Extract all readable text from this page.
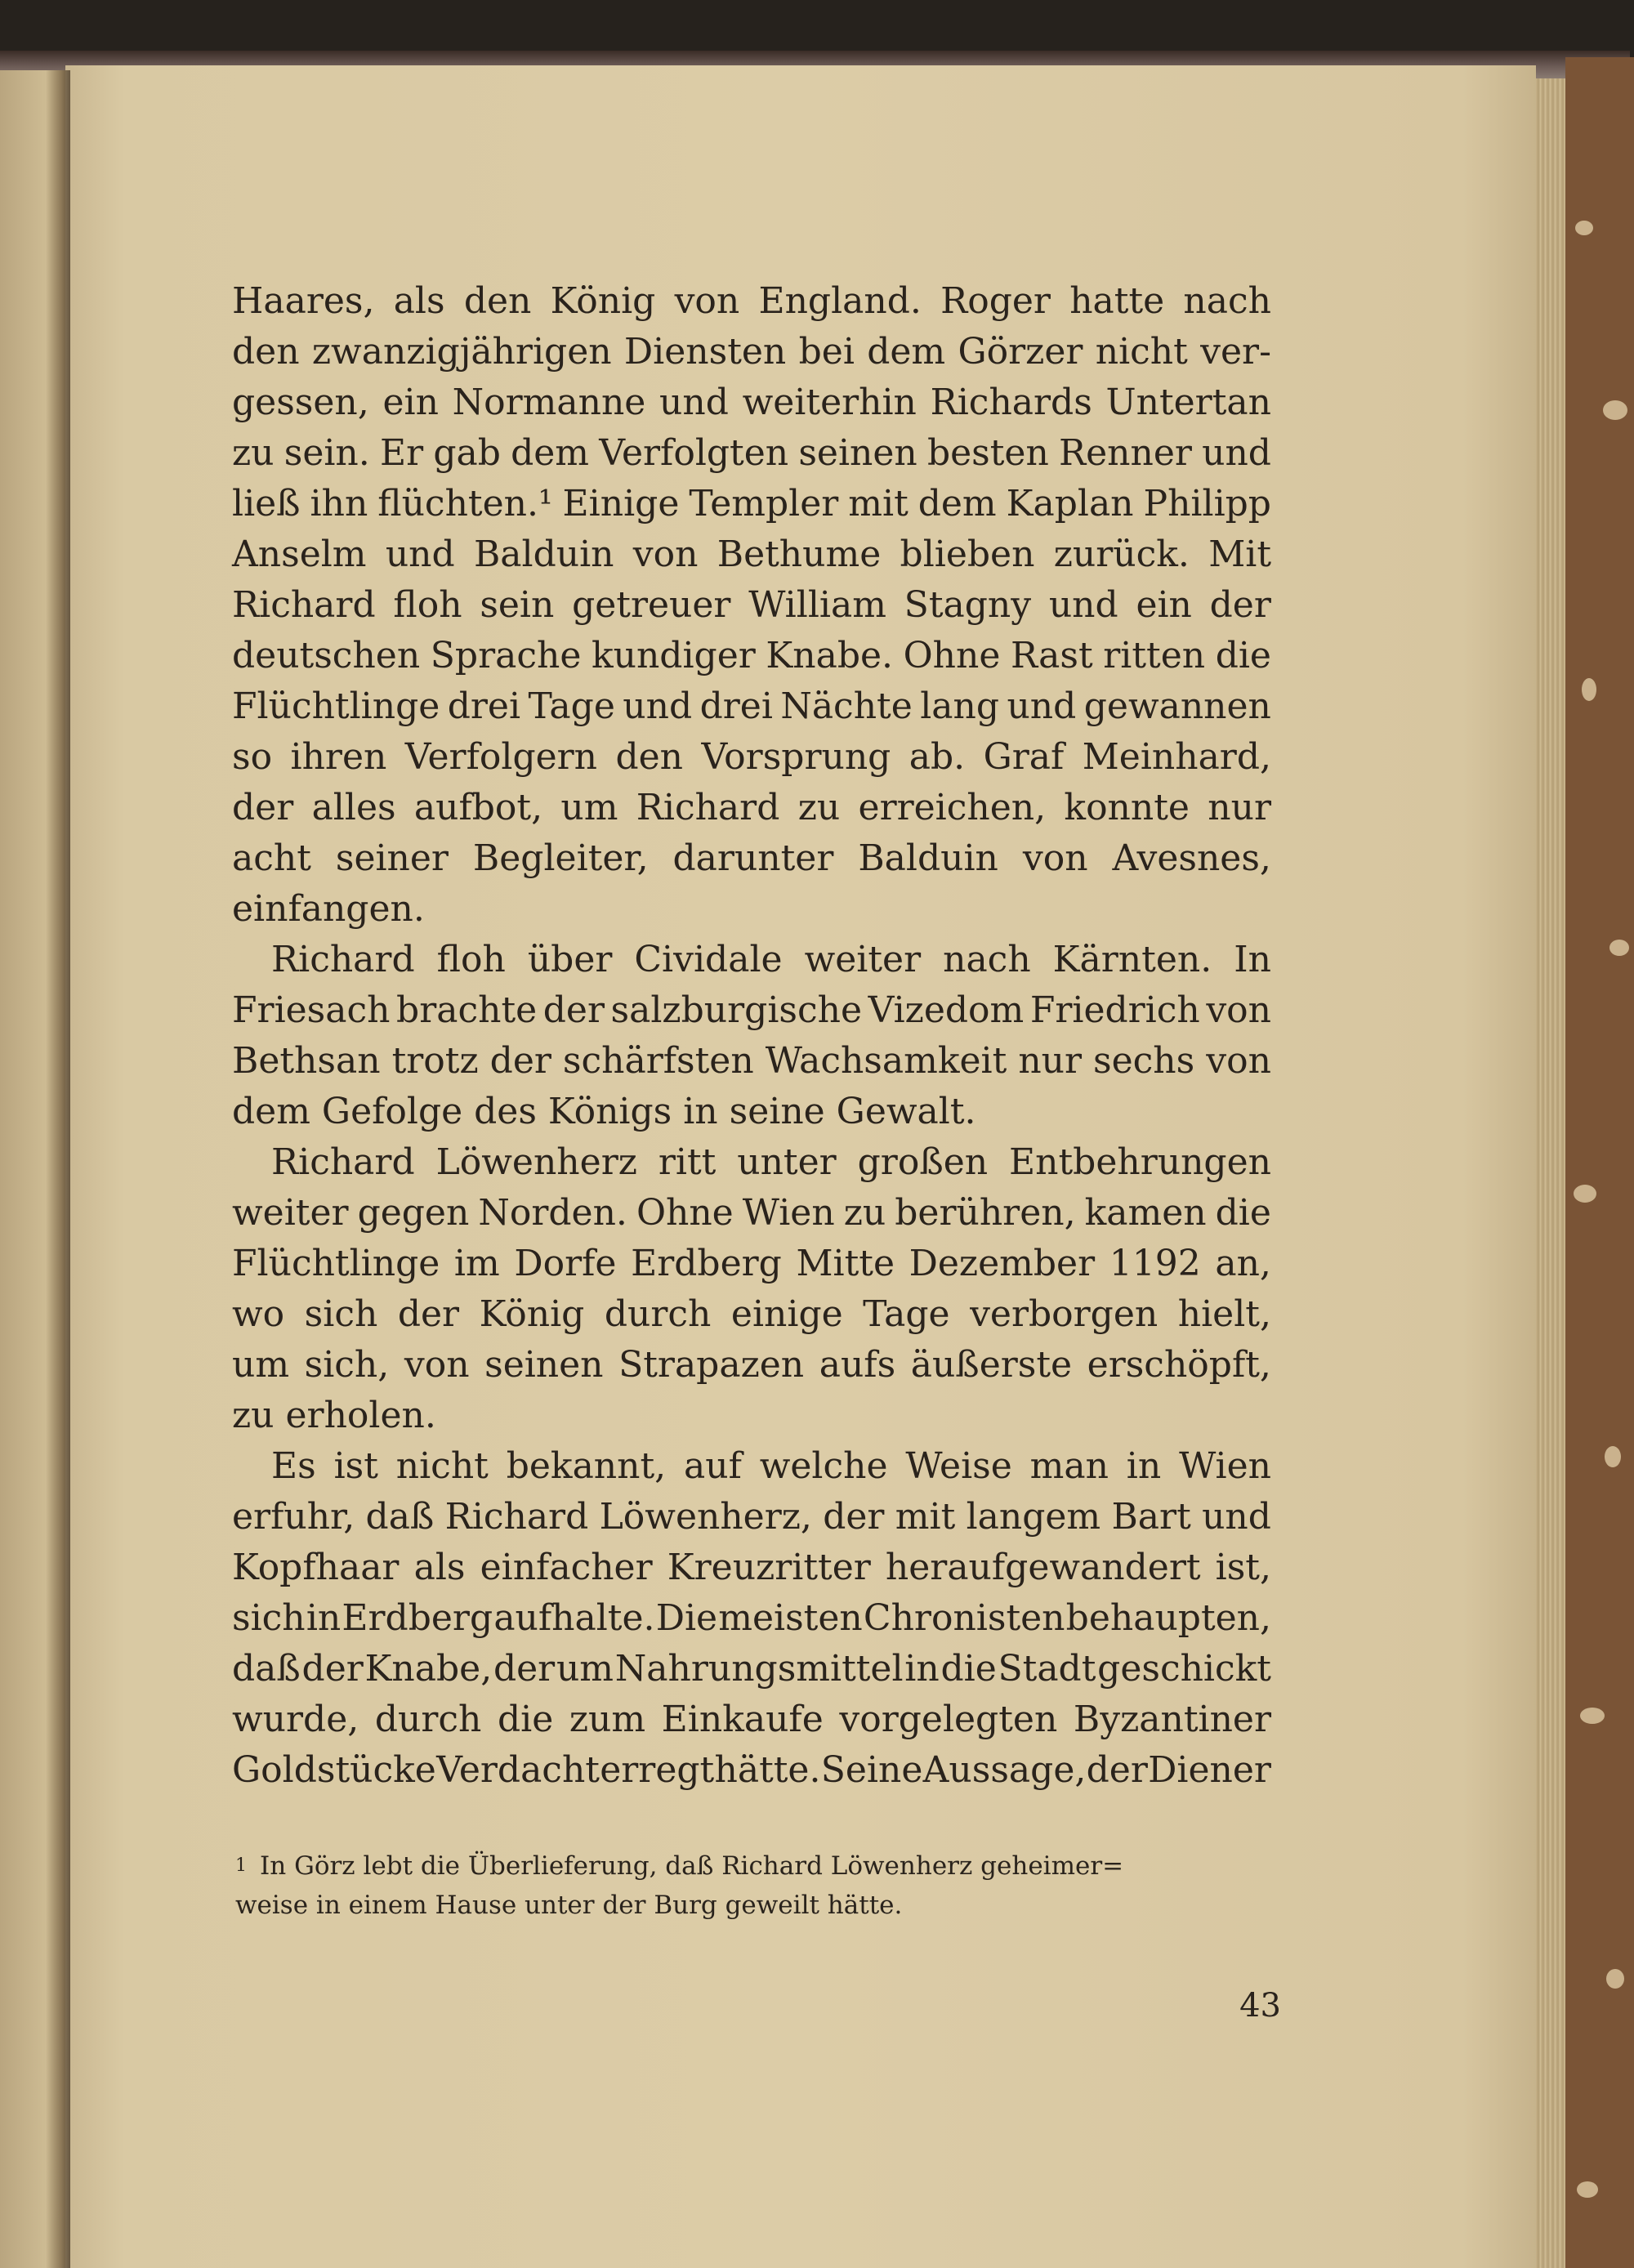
Haares, als den König von England. Roger hatte nach
den zwanzigjährigen Diensten bei dem Görzer nicht ver-
gessen, ein Normanne und weiterhin Richards Untertan
zu sein. Er gab dem Verfolgten seinen besten Renner und
ließ ihn flüchten.¹ Einige Templer mit dem Kaplan Philipp
Anselm und Balduin von Bethume blieben zurück. Mit
Richard floh sein getreuer William Stagny und ein der
deutschen Sprache kundiger Knabe. Ohne Rast ritten die
Flüchtlinge drei Tage und drei Nächte lang und gewannen
so ihren Verfolgern den Vorsprung ab. Graf Meinhard,
der alles aufbot, um Richard zu erreichen, konnte nur
acht seiner Begleiter, darunter Balduin von Avesnes,
einfangen.
Richard floh über Cividale weiter nach Kärnten. In
Friesach brachte der salzburgische Vizedom Friedrich von
Bethsan trotz der schärfsten Wachsamkeit nur sechs von
dem Gefolge des Königs in seine Gewalt.
Richard Löwenherz ritt unter großen Entbehrungen
weiter gegen Norden. Ohne Wien zu berühren, kamen die
Flüchtlinge im Dorfe Erdberg Mitte Dezember 1192 an,
wo sich der König durch einige Tage verborgen hielt,
um sich, von seinen Strapazen aufs äußerste erschöpft,
zu erholen.
Es ist nicht bekannt, auf welche Weise man in Wien
erfuhr, daß Richard Löwenherz, der mit langem Bart und
Kopfhaar als einfacher Kreuzritter heraufgewandert ist,
sich in Erdberg aufhalte. Die meisten Chronisten behaupten,
daß der Knabe, der um Nahrungsmittel in die Stadt geschickt
wurde, durch die zum Einkaufe vorgelegten Byzantiner
Goldstücke Verdacht erregt hätte. Seine Aussage, der Diener
1 In Görz lebt die Überlieferung, daß Richard Löwenherz geheimer=
weise in einem Hause unter der Burg geweilt hätte.
43
